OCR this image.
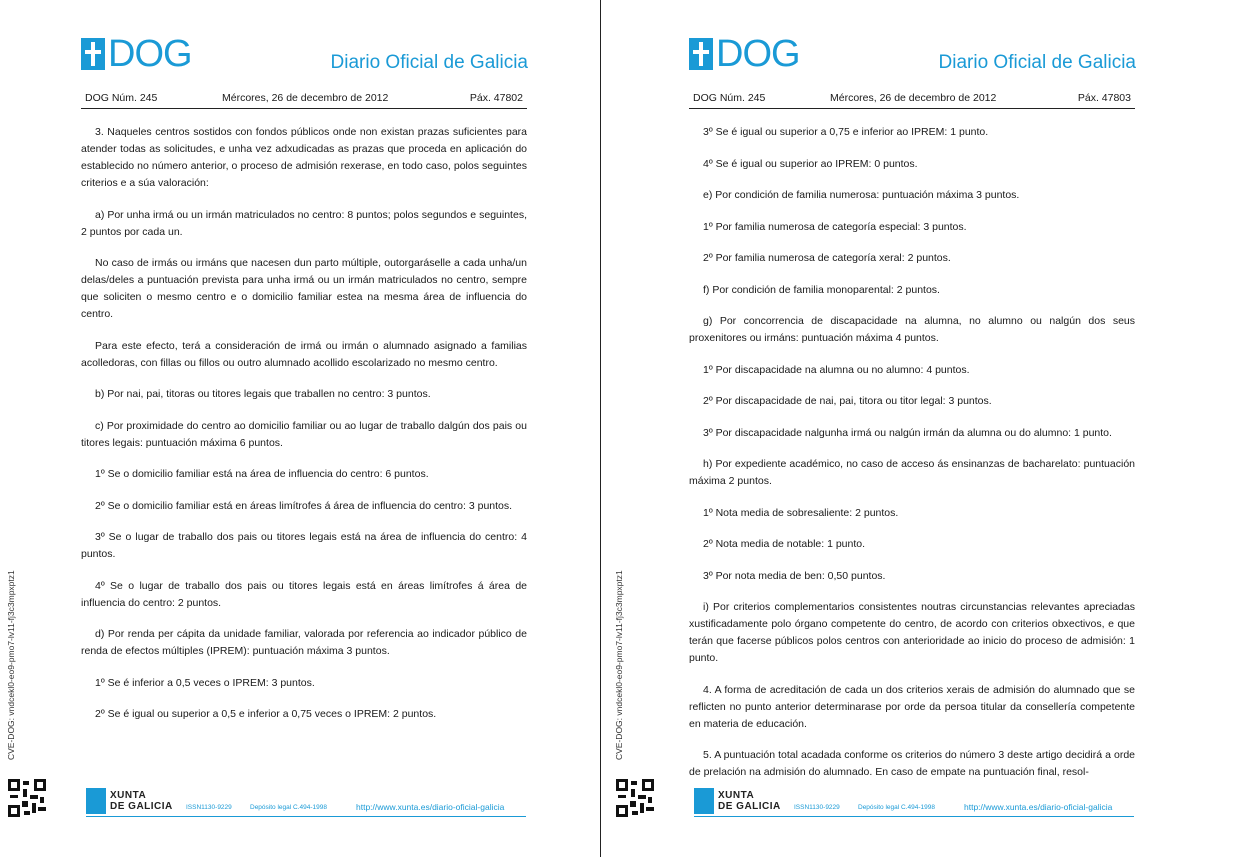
DOG	Diario Oficial de Galicia
DOG Núm. 245	Mércores, 26 de decembro de 2012	Páx. 47802

3. Naqueles centros sostidos con fondos públicos onde non existan prazas suficientes para atender todas as solicitudes, e unha vez adxudicadas as prazas que proceda en aplicación do establecido no número anterior, o proceso de admisión rexerase, en todo caso, polos seguintes criterios e a súa valoración:

a) Por unha irmá ou un irmán matriculados no centro: 8 puntos; polos segundos e seguintes, 2 puntos por cada un.

No caso de irmás ou irmáns que nacesen dun parto múltiple, outorgaráselle a cada unha/un delas/deles a puntuación prevista para unha irmá ou un irmán matriculados no centro, sempre que soliciten o mesmo centro e o domicilio familiar estea na mesma área de influencia do centro.

Para este efecto, terá a consideración de irmá ou irmán o alumnado asignado a familias acolledoras, con fillas ou fillos ou outro alumnado acollido escolarizado no mesmo centro.

b) Por nai, pai, titoras ou titores legais que traballen no centro: 3 puntos.

c) Por proximidade do centro ao domicilio familiar ou ao lugar de traballo dalgún dos pais ou titores legais: puntuación máxima 6 puntos.

1º Se o domicilio familiar está na área de influencia do centro: 6 puntos.

2º Se o domicilio familiar está en áreas limítrofes á área de influencia do centro: 3 puntos.

3º Se o lugar de traballo dos pais ou titores legais está na área de influencia do centro: 4 puntos.

4º Se o lugar de traballo dos pais ou titores legais está en áreas limítrofes á área de influencia do centro: 2 puntos.

d) Por renda per cápita da unidade familiar, valorada por referencia ao indicador público de renda de efectos múltiples (IPREM): puntuación máxima 3 puntos.

1º Se é inferior a 0,5 veces o IPREM: 3 puntos.

2º Se é igual ou superior a 0,5 e inferior a 0,75 veces o IPREM: 2 puntos.

CVE-DOG: vndcekl0-eo9-pmo7-lv11-fj3c3mpxptz1
XUNTA
DE GALICIA ISSN1130-9229	Depósito legal C.494-1998	http://www.xunta.es/diario-oficial-galicia
DOG	Diario Oficial de Galicia
DOG Núm. 245	Mércores, 26 de decembro de 2012	Páx. 47803

3º Se é igual ou superior a 0,75 e inferior ao IPREM: 1 punto.

4º Se é igual ou superior ao IPREM: 0 puntos.

e) Por condición de familia numerosa: puntuación máxima 3 puntos.

1º Por familia numerosa de categoría especial: 3 puntos.

2º Por familia numerosa de categoría xeral: 2 puntos.

f) Por condición de familia monoparental: 2 puntos.

g) Por concorrencia de discapacidade na alumna, no alumno ou nalgún dos seus proxenitores ou irmáns: puntuación máxima 4 puntos.

1º Por discapacidade na alumna ou no alumno: 4 puntos.

2º Por discapacidade de nai, pai, titora ou titor legal: 3 puntos.

3º Por discapacidade nalgunha irmá ou nalgún irmán da alumna ou do alumno: 1 punto.

h) Por expediente académico, no caso de acceso ás ensinanzas de bacharelato: puntuación máxima 2 puntos.

1º Nota media de sobresaliente: 2 puntos.

2º Nota media de notable: 1 punto.

3º Por nota media de ben: 0,50 puntos.

i) Por criterios complementarios consistentes noutras circunstancias relevantes apreciadas xustificadamente polo órgano competente do centro, de acordo con criterios obxectivos, e que terán que facerse públicos polos centros con anterioridade ao inicio do proceso de admisión: 1 punto.

4. A forma de acreditación de cada un dos criterios xerais de admisión do alumnado que se reflicten no punto anterior determinarase por orde da persoa titular da consellería competente en materia de educación.

5. A puntuación total acadada conforme os criterios do número 3 deste artigo decidirá a orde de prelación na admisión do alumnado. En caso de empate na puntuación final, resol-

CVE-DOG: vndcekl0-eo9-pmo7-lv11-fj3c3mpxptz1
XUNTA
DE GALICIA ISSN1130-9229	Depósito legal C.494-1998	http://www.xunta.es/diario-oficial-galicia
